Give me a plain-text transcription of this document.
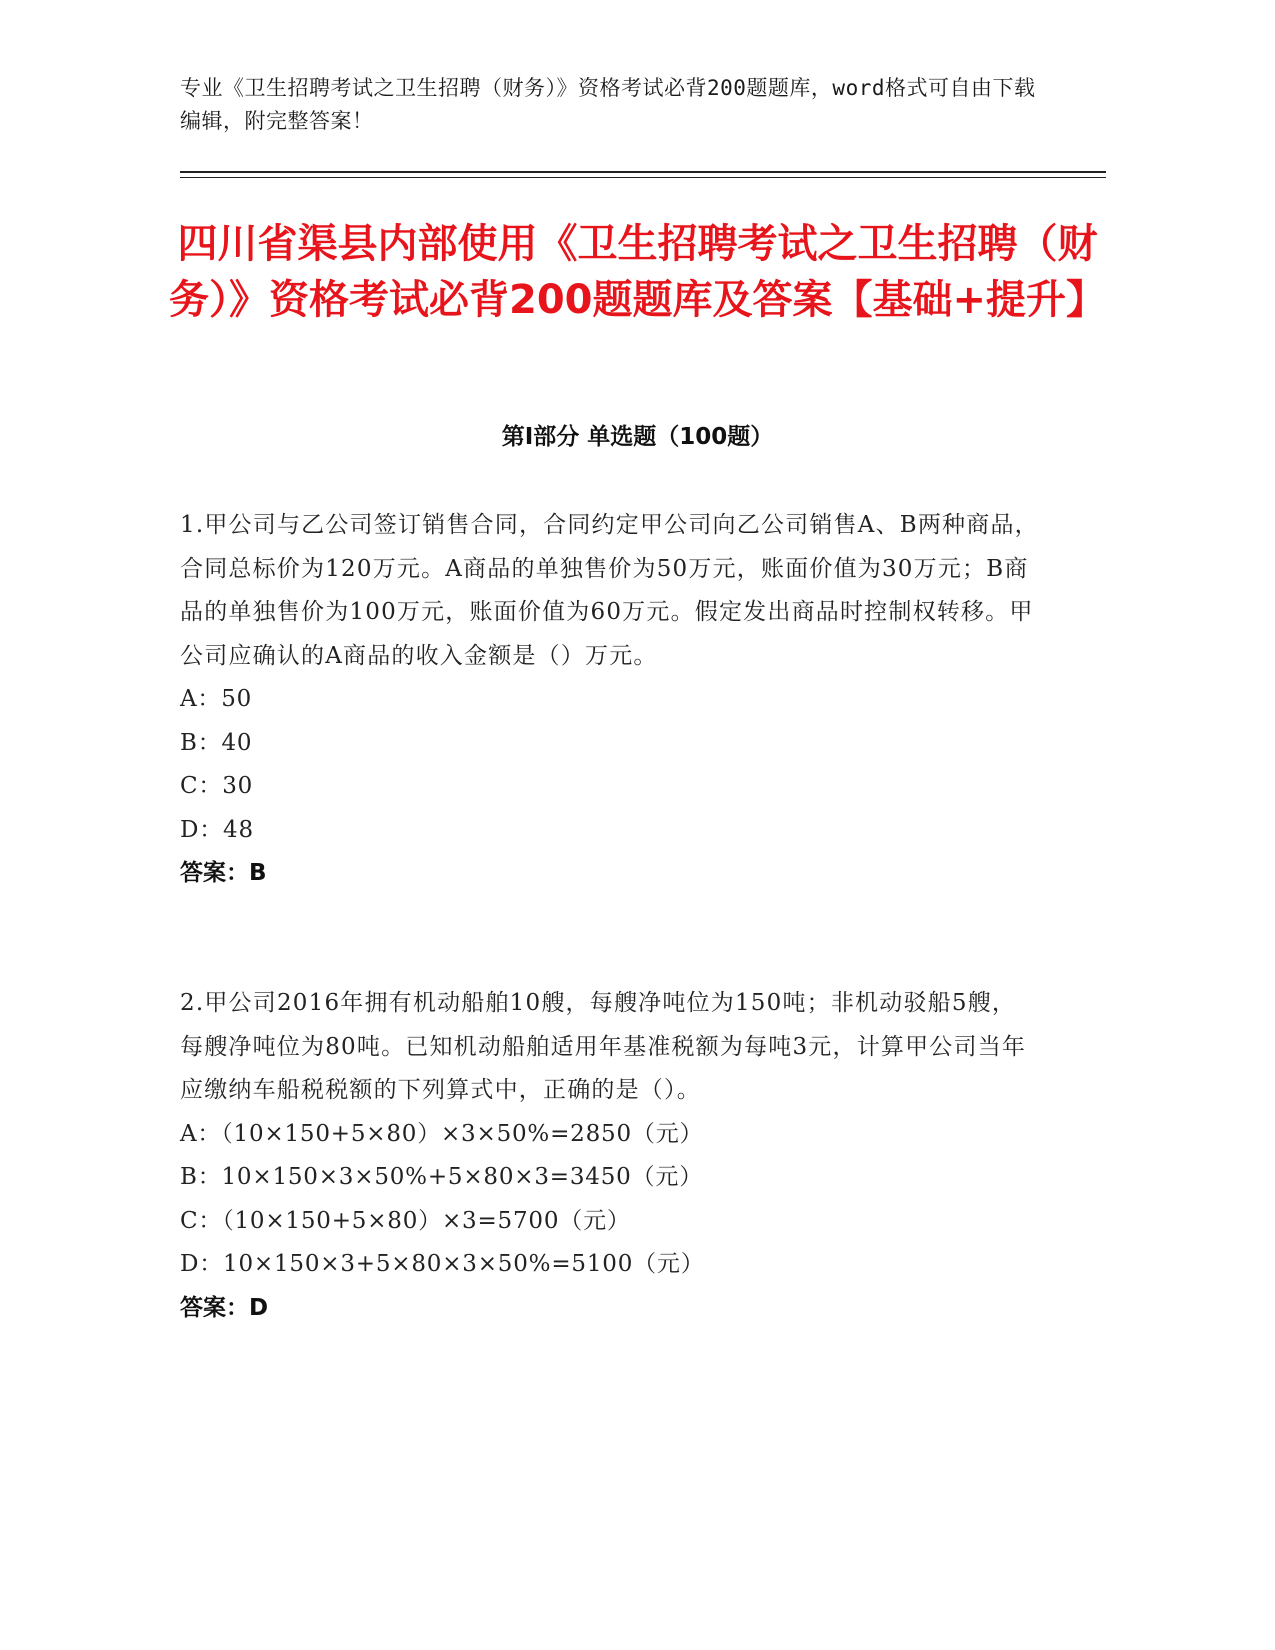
专业《卫生招聘考试之卫生招聘（财务）》资格考试必背200题题库，word格式可自由下载编辑，附完整答案！
四川省渠县内部使用《卫生招聘考试之卫生招聘（财务）》资格考试必背200题题库及答案【基础+提升】
第Ⅰ部分 单选题（100题）
1.甲公司与乙公司签订销售合同，合同约定甲公司向乙公司销售A、B两种商品，合同总标价为120万元。A商品的单独售价为50万元，账面价值为30万元；B商品的单独售价为100万元，账面价值为60万元。假定发出商品时控制权转移。甲公司应确认的A商品的收入金额是（）万元。
A：50
B：40
C：30
D：48
答案：B
2.甲公司2016年拥有机动船舶10艘，每艘净吨位为150吨；非机动驳船5艘，每艘净吨位为80吨。已知机动船舶适用年基准税额为每吨3元，计算甲公司当年应缴纳车船税税额的下列算式中，正确的是（）。
A：（10×150+5×80）×3×50%=2850（元）
B：10×150×3×50%+5×80×3=3450（元）
C：（10×150+5×80）×3=5700（元）
D：10×150×3+5×80×3×50%=5100（元）
答案：D
